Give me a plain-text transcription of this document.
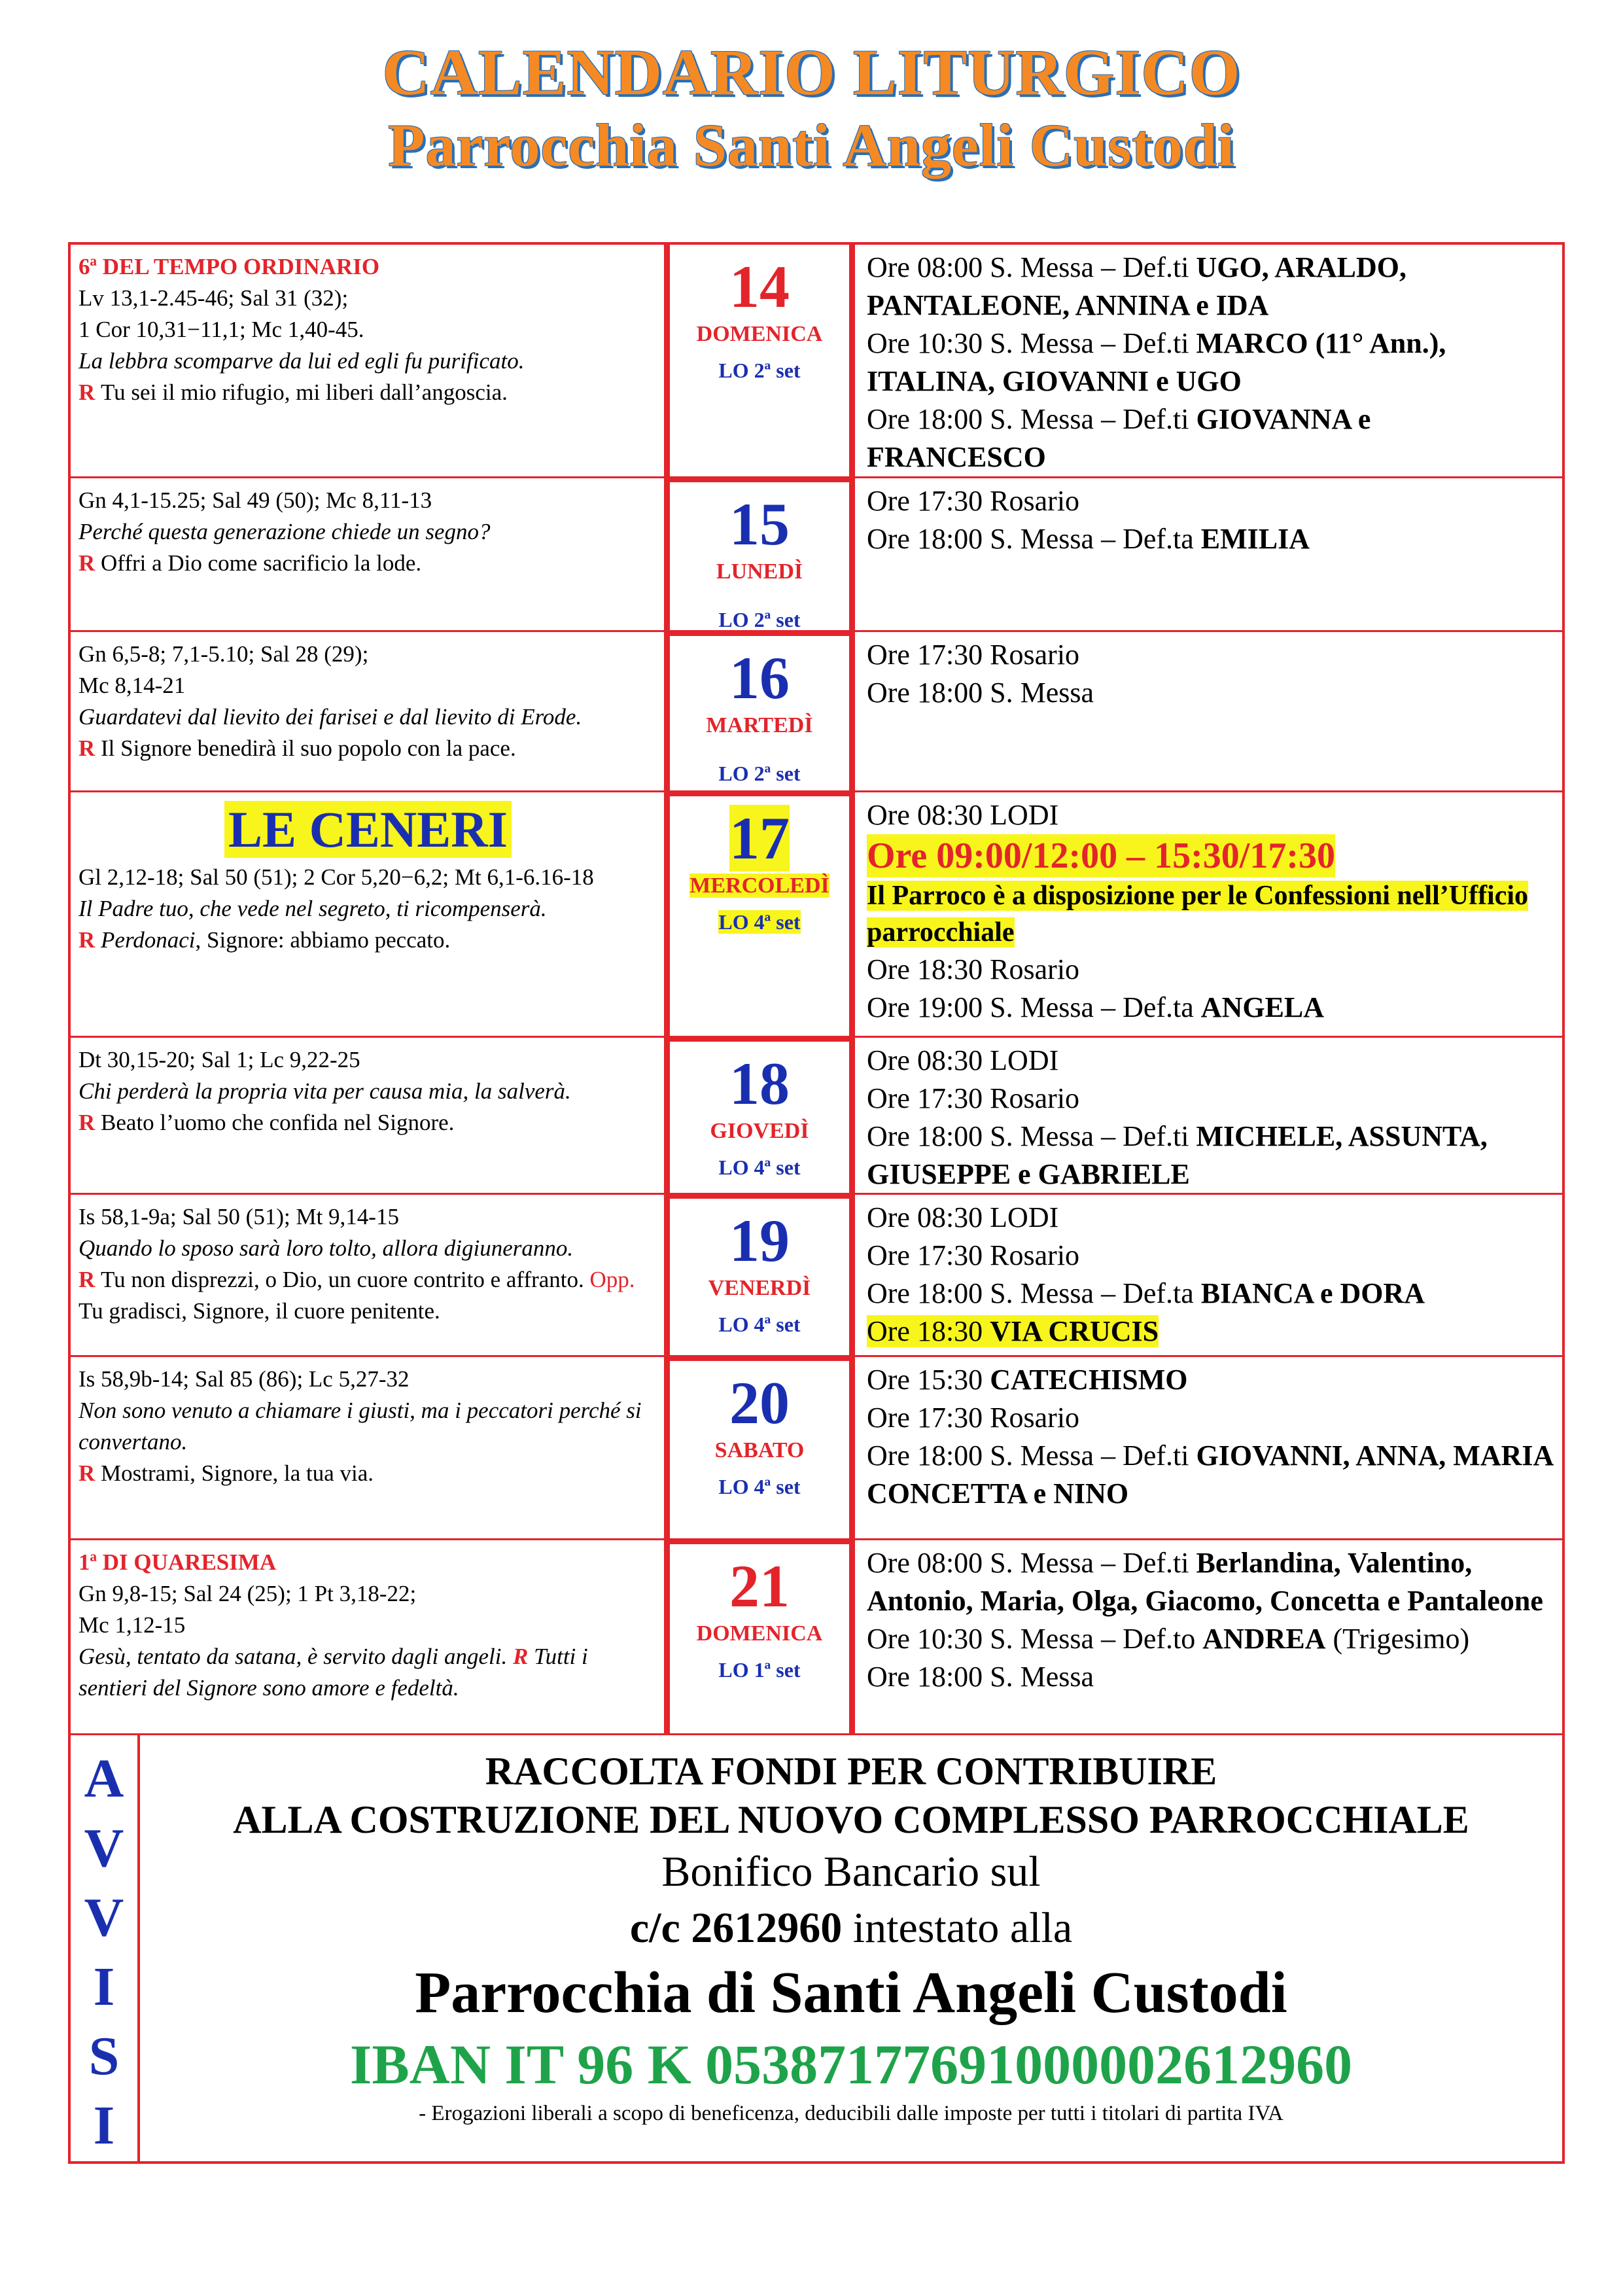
CALENDARIO LITURGICO
Parrocchia Santi Angeli Custodi
6ª DEL TEMPO ORDINARIO
Lv 13,1-2.45-46; Sal 31 (32);
1 Cor 10,31−11,1; Mc 1,40-45.
La lebbra scomparve da lui ed egli fu purificato.
R Tu sei il mio rifugio, mi liberi dall’angoscia.
14
DOMENICA
LO 2ª set
Ore 08:00 S. Messa – Def.ti UGO, ARALDO, PANTALEONE, ANNINA e IDA
Ore 10:30 S. Messa – Def.ti MARCO (11° Ann.), ITALINA, GIOVANNI e UGO
Ore 18:00 S. Messa – Def.ti GIOVANNA e FRANCESCO
Gn 4,1-15.25; Sal 49 (50); Mc 8,11-13
Perché questa generazione chiede un segno?
R Offri a Dio come sacrificio la lode.
15
LUNEDÌ
LO 2ª set
Ore 17:30 Rosario
Ore 18:00 S. Messa – Def.ta EMILIA
Gn 6,5-8; 7,1-5.10; Sal 28 (29);
Mc 8,14-21
Guardatevi dal lievito dei farisei e dal lievito di Erode.
R Il Signore benedirà il suo popolo con la pace.
16
MARTEDÌ
LO 2ª set
Ore 17:30 Rosario
Ore 18:00 S. Messa
LE CENERI
Gl 2,12-18; Sal 50 (51); 2 Cor 5,20−6,2; Mt 6,1-6.16-18
Il Padre tuo, che vede nel segreto, ti ricompenserà.
R Perdonaci, Signore: abbiamo peccato.
17
MERCOLEDÌ
LO 4ª set
Ore 08:30 LODI
Ore 09:00/12:00 – 15:30/17:30
Il Parroco è a disposizione per le Confessioni nell’Ufficio parrocchiale
Ore 18:30 Rosario
Ore 19:00 S. Messa – Def.ta ANGELA
Dt 30,15-20; Sal 1; Lc 9,22-25
Chi perderà la propria vita per causa mia, la salverà.
R Beato l’uomo che confida nel Signore.
18
GIOVEDÌ
LO 4ª set
Ore 08:30 LODI
Ore 17:30 Rosario
Ore 18:00 S. Messa – Def.ti MICHELE, ASSUNTA, GIUSEPPE e GABRIELE
Is 58,1-9a; Sal 50 (51); Mt 9,14-15
Quando lo sposo sarà loro tolto, allora digiuneranno.
R Tu non disprezzi, o Dio, un cuore contrito e affranto. Opp. Tu gradisci, Signore, il cuore penitente.
19
VENERDÌ
LO 4ª set
Ore 08:30 LODI
Ore 17:30 Rosario
Ore 18:00 S. Messa – Def.ta BIANCA e DORA
Ore 18:30 VIA CRUCIS
Is 58,9b-14; Sal 85 (86); Lc 5,27-32
Non sono venuto a chiamare i giusti, ma i peccatori perché si convertano.
R Mostrami, Signore, la tua via.
20
SABATO
LO 4ª set
Ore 15:30 CATECHISMO
Ore 17:30 Rosario
Ore 18:00 S. Messa – Def.ti GIOVANNI, ANNA, MARIA CONCETTA e NINO
1ª DI QUARESIMA
Gn 9,8-15; Sal 24 (25); 1 Pt 3,18-22;
Mc 1,12-15
Gesù, tentato da satana, è servito dagli angeli. R Tutti i sentieri del Signore sono amore e fedeltà.
21
DOMENICA
LO 1ª set
Ore 08:00 S. Messa – Def.ti Berlandina, Valentino, Antonio, Maria, Olga, Giacomo, Concetta e Pantaleone
Ore 10:30 S. Messa – Def.to ANDREA (Trigesimo)
Ore 18:00 S. Messa
A
V
V
I
S
I
RACCOLTA FONDI PER CONTRIBUIRE
ALLA COSTRUZIONE DEL NUOVO COMPLESSO PARROCCHIALE
Bonifico Bancario sul
c/c 2612960 intestato alla
Parrocchia di Santi Angeli Custodi
IBAN IT 96 K 05387177691000002612960
- Erogazioni liberali a scopo di beneficenza, deducibili dalle imposte per tutti i titolari di partita IVA
